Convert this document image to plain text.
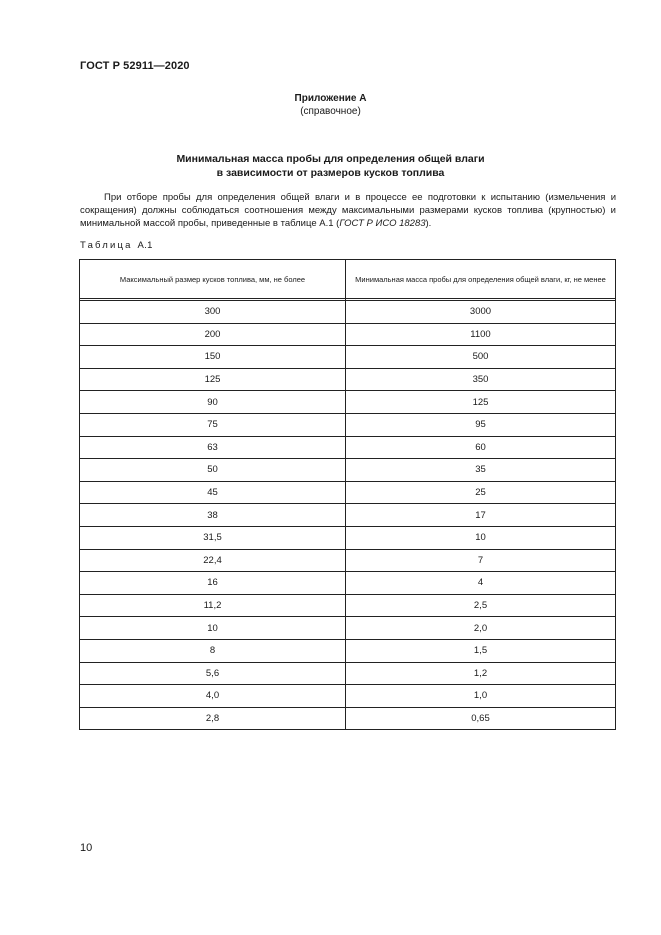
ГОСТ Р 52911—2020
Приложение А
(справочное)
Минимальная масса пробы для определения общей влаги
в зависимости от размеров кусков топлива
При отборе пробы для определения общей влаги и в процессе ее подготовки к испытанию (измельчения и сокращения) должны соблюдаться соотношения между максимальными размерами кусков топлива (крупностью) и минимальной массой пробы, приведенные в таблице А.1 (ГОСТ Р ИСО 18283).
Таблица А.1
Максимальный размер кусков топлива, мм, не более	Минимальная масса пробы для определения общей влаги, кг, не менее

300	3000
200	1100
150	500
125	350
90	125
75	95
63	60
50	35
45	25
38	17
31,5	10
22,4	7
16	4
11,2	2,5
10	2,0
8	1,5
5,6	1,2
4,0	1,0
2,8	0,65
10
